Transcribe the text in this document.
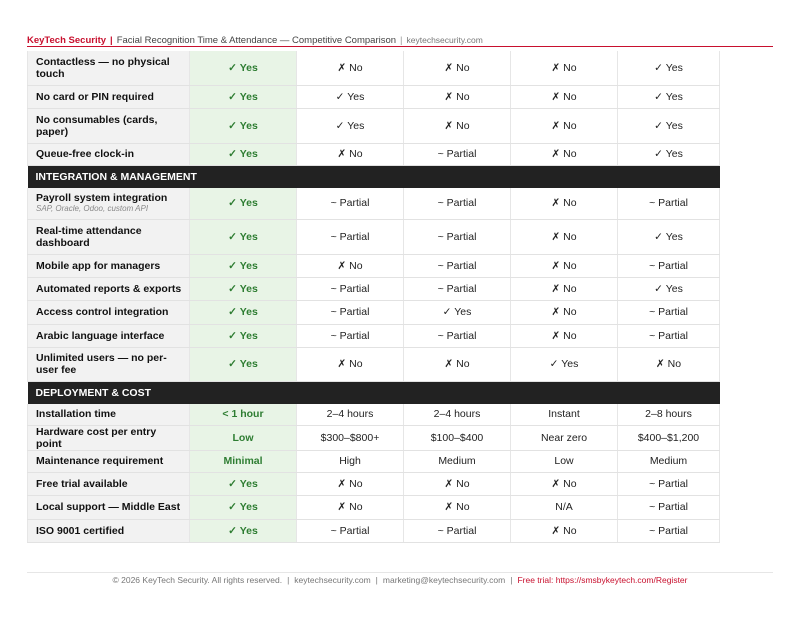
KeyTech Security | Facial Recognition Time & Attendance — Competitive Comparison | keytechsecurity.com
Contactless — no physical touch	✓ Yes	✗ No	✗ No	✗ No	✓ Yes
No card or PIN required	✓ Yes	✓ Yes	✗ No	✗ No	✓ Yes
No consumables (cards, paper)	✓ Yes	✓ Yes	✗ No	✗ No	✓ Yes
Queue-free clock-in	✓ Yes	✗ No	~ Partial	✗ No	✓ Yes
INTEGRATION & MANAGEMENT					
Payroll system integration
SAP, Oracle, Odoo, custom API	✓ Yes	~ Partial	~ Partial	✗ No	~ Partial
Real-time attendance dashboard	✓ Yes	~ Partial	~ Partial	✗ No	✓ Yes
Mobile app for managers	✓ Yes	✗ No	~ Partial	✗ No	~ Partial
Automated reports & exports	✓ Yes	~ Partial	~ Partial	✗ No	✓ Yes
Access control integration	✓ Yes	~ Partial	✓ Yes	✗ No	~ Partial
Arabic language interface	✓ Yes	~ Partial	~ Partial	✗ No	~ Partial
Unlimited users — no per-user fee	✓ Yes	✗ No	✗ No	✓ Yes	✗ No
DEPLOYMENT & COST					
Installation time	< 1 hour	2–4 hours	2–4 hours	Instant	2–8 hours
Hardware cost per entry point	Low	$300–$800+	$100–$400	Near zero	$400–$1,200
Maintenance requirement	Minimal	High	Medium	Low	Medium
Free trial available	✓ Yes	✗ No	✗ No	✗ No	~ Partial
Local support — Middle East	✓ Yes	✗ No	✗ No	N/A	~ Partial
ISO 9001 certified	✓ Yes	~ Partial	~ Partial	✗ No	~ Partial
© 2026 KeyTech Security. All rights reserved. | keytechsecurity.com | marketing@keytechsecurity.com | Free trial: https://smsbykeytech.com/Register
